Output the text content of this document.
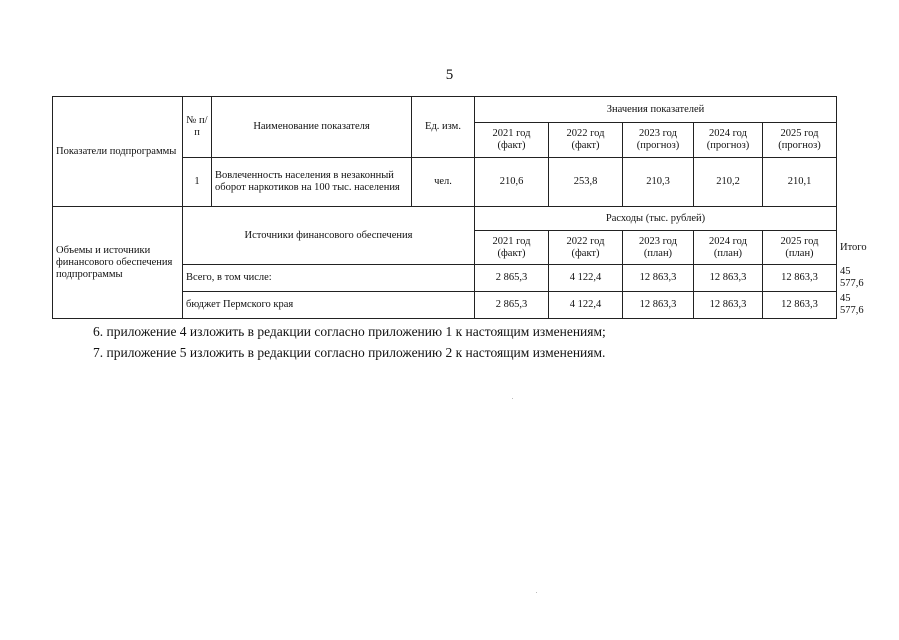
5
Показатели подпрограммы	№ п/п	Наименование показателя	Ед. изм.	Значения показателей					
				2021 год (факт)	2022 год (факт)	2023 год (прогноз)	2024 год (прогноз)	2025 год (прогноз)	
	1	Вовлеченность населения в незаконный оборот наркотиков на 100 тыс. населения	чел.	210,6	253,8	210,3	210,2	210,1	
Объемы и источники финансового обеспечения подпрограммы	Источники финансового обеспечения			Расходы (тыс. рублей)					
				2021 год (факт)	2022 год (факт)	2023 год (план)	2024 год (план)	2025 год (план)	Итого
	Всего, в том числе:			2 865,3	4 122,4	12 863,3	12 863,3	12 863,3	45 577,6
	бюджет Пермского края			2 865,3	4 122,4	12 863,3	12 863,3	12 863,3	45 577,6
6. приложение 4 изложить в редакции согласно приложению 1 к настоящим изменениям;
7. приложение 5 изложить в редакции согласно приложению 2 к настоящим изменениям.
